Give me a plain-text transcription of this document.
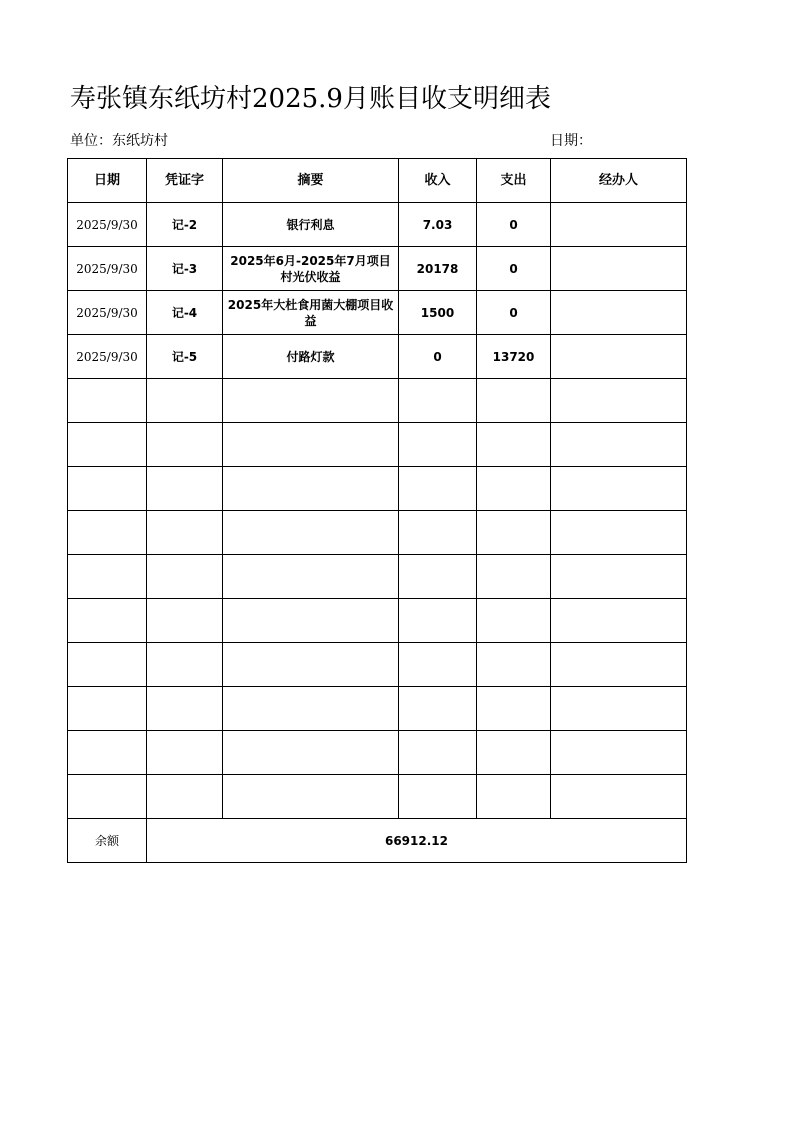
寿张镇东纸坊村2025.9月账目收支明细表
单位：东纸坊村	日期：
日期	凭证字	摘要	收入	支出	经办人
2025/9/30	记-2	银行利息	7.03	0	
2025/9/30	记-3	2025年6月-2025年7月项目村光伏收益	20178	0	
2025/9/30	记-4	2025年大杜食用菌大棚项目收益	1500	0	
2025/9/30	记-5	付路灯款	0	13720	

余额	66912.12				
